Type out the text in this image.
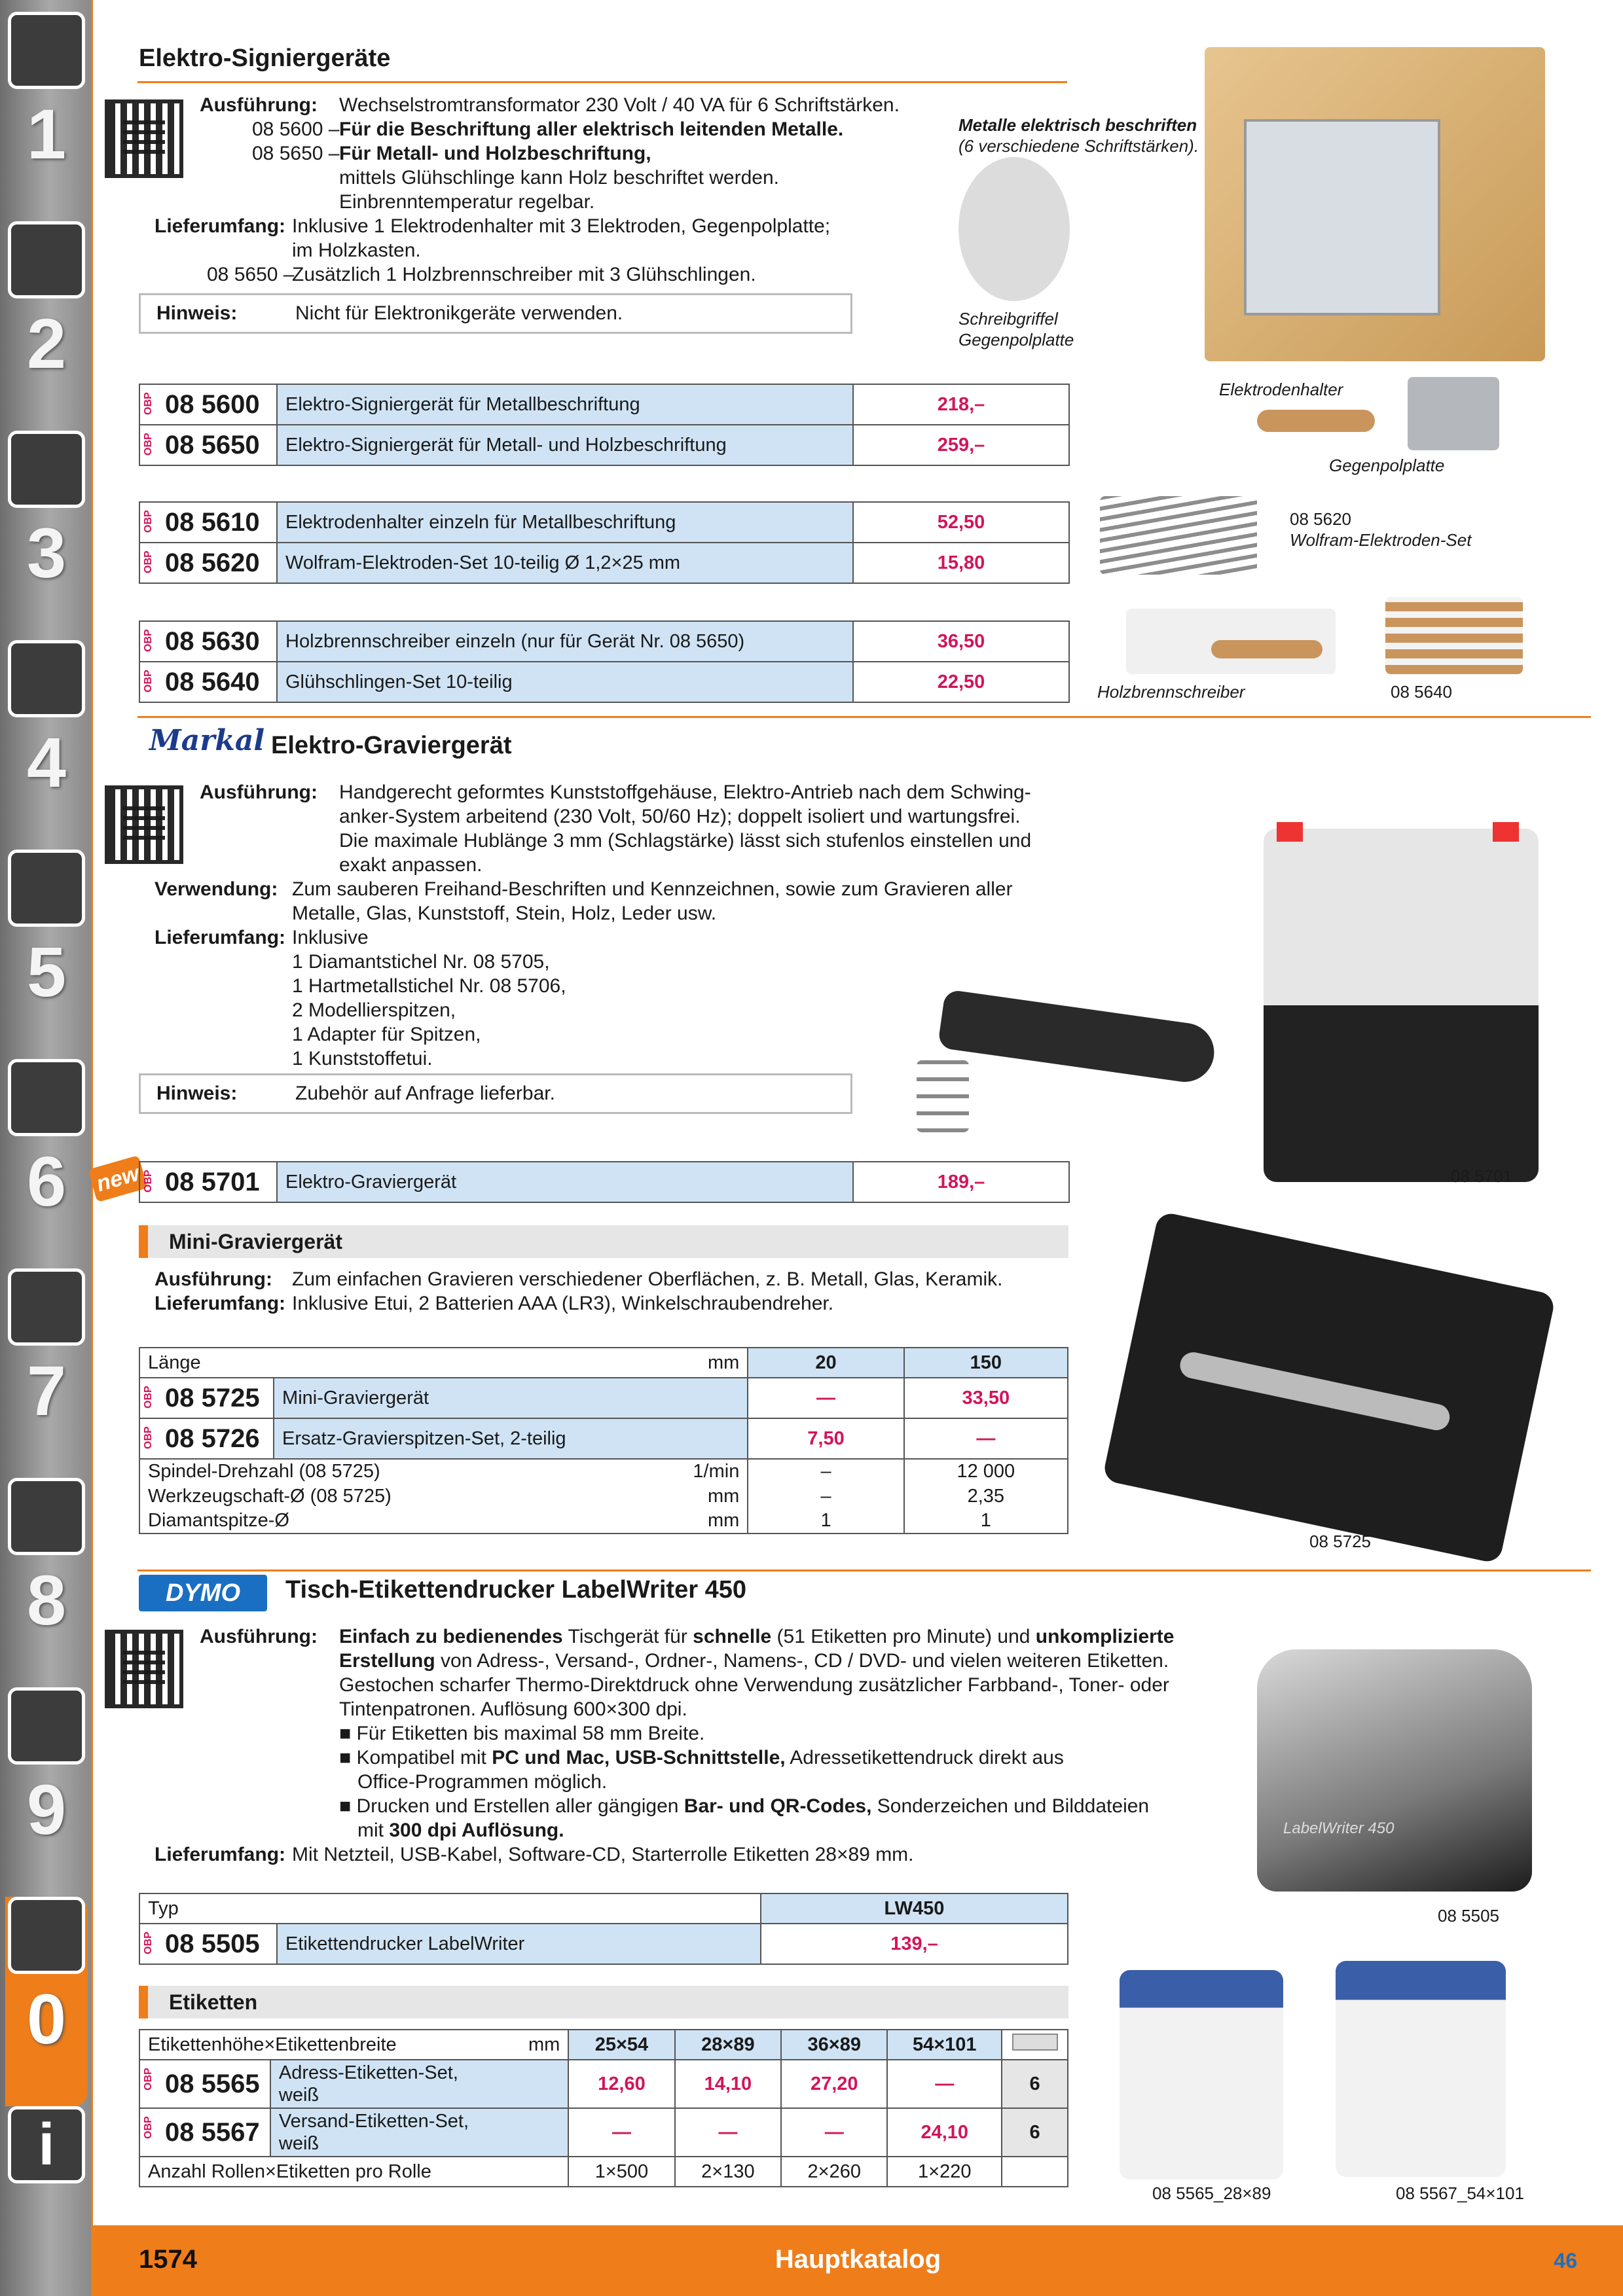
1
2
3
4
5
6
7
8
9
0
i
Elektro-Signiergeräte
Ausführung: Wechselstromtransformator 230 Volt / 40 VA für 6 Schriftstärken.
08 5600 – Für die Beschriftung aller elektrisch leitenden Metalle.
08 5650 – Für Metall- und Holzbeschriftung,
mittels Glühschlinge kann Holz beschriftet werden.
Einbrenntemperatur regelbar.
Lieferumfang: Inklusive 1 Elektrodenhalter mit 3 Elektroden, Gegenpolplatte;
im Holzkasten.
08 5650 –
Zusätzlich 1 Holzbrennschreiber mit 3 Glühschlingen.
Hinweis:	Nicht für Elektronikgeräte verwenden.
OBP 08 5600	Elektro-Signiergerät für Metallbeschriftung	218,–

OBP 08 5650	Elektro-Signiergerät für Metall- und Holzbeschriftung	259,–
OBP 08 5610	Elektrodenhalter einzeln für Metallbeschriftung	52,50

OBP 08 5620	Wolfram-Elektroden-Set 10-teilig Ø 1,2×25 mm	15,80
OBP 08 5630	Holzbrennschreiber einzeln (nur für Gerät Nr. 08 5650)	36,50

OBP 08 5640	Glühschlingen-Set 10-teilig	22,50
Metalle elektrisch beschriften
(6 verschiedene Schriftstärken).
Schreibgriffel
Gegenpolplatte
Elektrodenhalter
Gegenpolplatte
08 5620
Wolfram-Elektroden-Set
Holzbrennschreiber	08 5640
Markal Elektro-Graviergerät
Ausführung: Handgerecht geformtes Kunststoffgehäuse, Elektro-Antrieb nach dem Schwing-
anker-System arbeitend (230 Volt, 50/60 Hz); doppelt isoliert und wartungsfrei.
Die maximale Hublänge 3 mm (Schlagstärke) lässt sich stufenlos einstellen und
exakt anpassen.
Verwendung: Zum sauberen Freihand-Beschriften und Kennzeichnen, sowie zum Gravieren aller
Metalle, Glas, Kunststoff, Stein, Holz, Leder usw.
Lieferumfang: Inklusive
1 Diamantstichel Nr. 08 5705,
1 Hartmetallstichel Nr. 08 5706,
2 Modellierspitzen,
1 Adapter für Spitzen,
1 Kunststoffetui.
Hinweis:	Zubehör auf Anfrage lieferbar.
new OBP 08 5701	Elektro-Graviergerät	189,–	08 5701
Mini-Graviergerät
Ausführung: Zum einfachen Gravieren verschiedener Oberflächen, z. B. Metall, Glas, Keramik.
Lieferumfang: Inklusive Etui, 2 Batterien AAA (LR3), Winkelschraubendreher.
Länge mm		20	150

OBP 08 5725	Mini-Graviergerät	—	33,50

OBP 08 5726	Ersatz-Gravierspitzen-Set, 2-teilig	7,50	—
Spindel-Drehzahl (08 5725) 1/min		–	12 000
Werkzeugschaft-Ø (08 5725) mm		–	2,35
Diamantspitze-Ø mm		1	1
08 5725
DYMO	Tisch-Etikettendrucker LabelWriter 450
Ausführung: Einfach zu bedienendes Tischgerät für schnelle (51 Etiketten pro Minute) und unkomplizierte
Erstellung von Adress-, Versand-, Ordner-, Namens-, CD / DVD- und vielen weiteren Etiketten.
Gestochen scharfer Thermo-Direktdruck ohne Verwendung zusätzlicher Farbband-, Toner- oder
Tintenpatronen. Auflösung 600×300 dpi.
■ Für Etiketten bis maximal 58 mm Breite.
■ Kompatibel mit PC und Mac, USB-Schnittstelle, Adressetikettendruck direkt aus
Office-Programmen möglich.
■ Drucken und Erstellen aller gängigen Bar- und QR-Codes, Sonderzeichen und Bilddateien
mit 300 dpi Auflösung.
Lieferumfang: Mit Netzteil, USB-Kabel, Software-CD, Starterrolle Etiketten 28×89 mm.
Typ		LW450

OBP 08 5505	Etikettendrucker LabelWriter	139,–
LabelWriter 450
08 5505
Etiketten
Etikettenhöhe×Etikettenbreite mm		25×54	28×89	36×89	54×101	

OBP 08 5565	Adress-Etiketten-Set,
weiß	12,60	14,10	27,20	—	6

OBP 08 5567	Versand-Etiketten-Set,
weiß	—	—	—	24,10	6
Anzahl Rollen×Etiketten pro Rolle		1×500	2×130	2×260	1×220	
08 5565_28×89	08 5567_54×101
1574	Hauptkatalog	46
